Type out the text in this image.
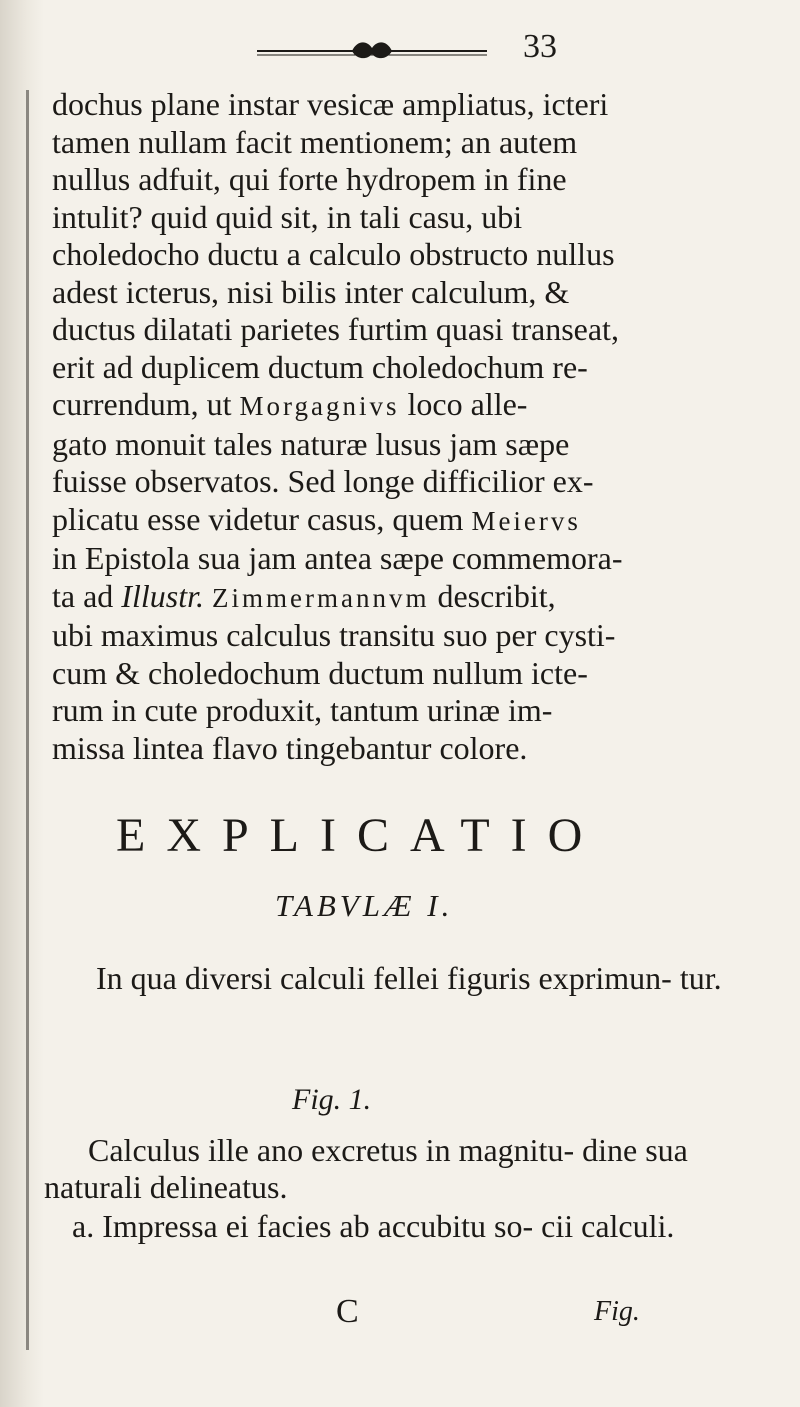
33
dochus plane instar vesicæ ampliatus, icteri
tamen nullam facit mentionem; an autem
nullus adfuit, qui forte hydropem in fine
intulit? quid quid sit, in tali casu, ubi
choledocho ductu a calculo obstructo nullus
adest icterus, nisi bilis inter calculum, &
ductus dilatati parietes furtim quasi transeat,
erit ad duplicem ductum choledochum re-
currendum, ut Morgagnivs loco alle-
gato monuit tales naturæ lusus jam sæpe
fuisse observatos. Sed longe difficilior ex-
plicatu esse videtur casus, quem Meiervs
in Epistola sua jam antea sæpe commemora-
ta ad Illustr. Zimmermannvm describit,
ubi maximus calculus transitu suo per cysti-
cum & choledochum ductum nullum icte-
rum in cute produxit, tantum urinæ im-
missa lintea flavo tingebantur colore.
EXPLICATIO
TABVLÆ I.
In qua diversi calculi fellei figuris exprimun- tur.
Fig. 1.
Calculus ille ano excretus in magnitu- dine sua naturali delineatus.
a. Impressa ei facies ab accubitu so- cii calculi.
C	Fig.
